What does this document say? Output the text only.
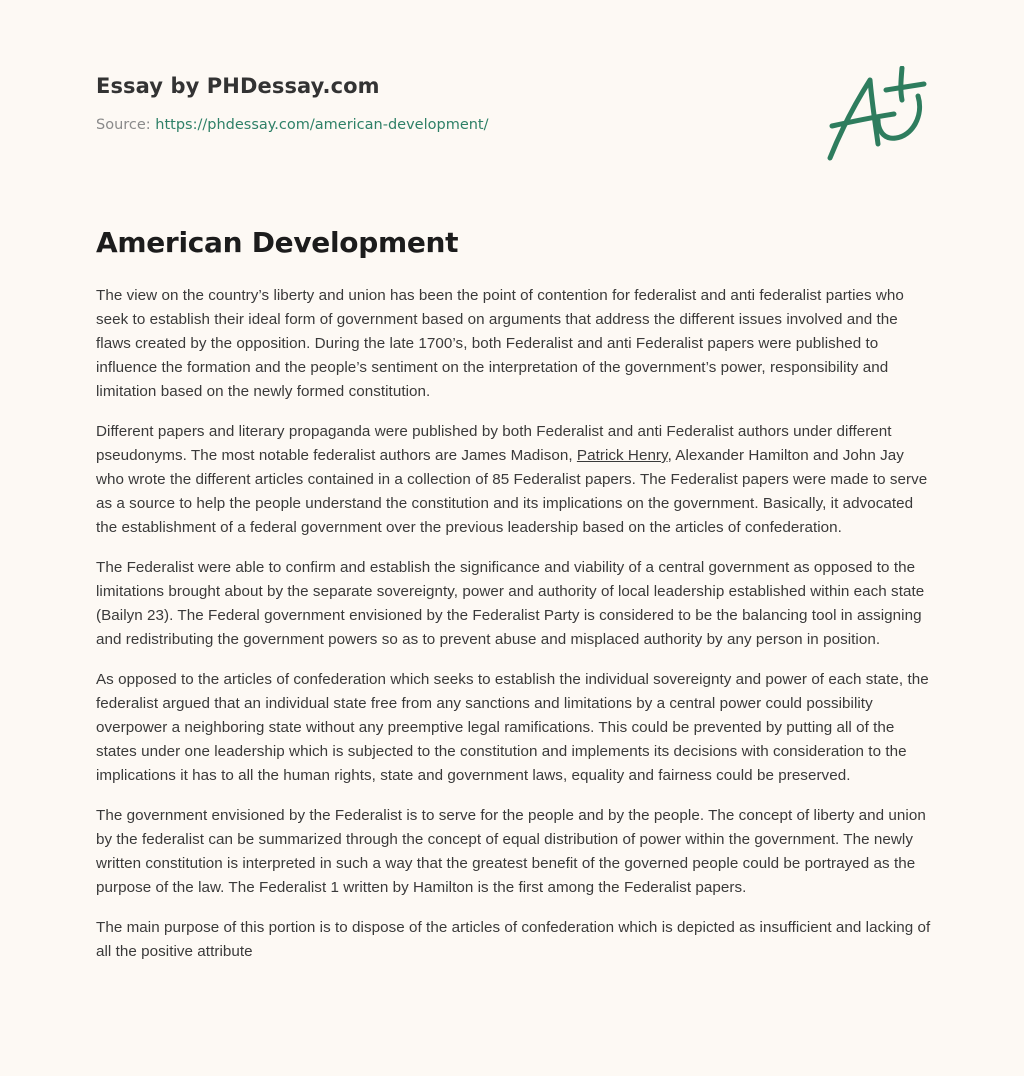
Essay by PHDessay.com
Source: https://phdessay.com/american-development/
American Development

The view on the country’s liberty and union has been the point of contention for federalist and anti federalist parties who seek to establish their ideal form of government based on arguments that address the different issues involved and the flaws created by the opposition. During the late 1700’s, both Federalist and anti Federalist papers were published to influence the formation and the people’s sentiment on the interpretation of the government’s power, responsibility and limitation based on the newly formed constitution.

Different papers and literary propaganda were published by both Federalist and anti Federalist authors under different pseudonyms. The most notable federalist authors are James Madison, Patrick Henry, Alexander Hamilton and John Jay who wrote the different articles contained in a collection of 85 Federalist papers. The Federalist papers were made to serve as a source to help the people understand the constitution and its implications on the government. Basically, it advocated the establishment of a federal government over the previous leadership based on the articles of confederation.

The Federalist were able to confirm and establish the significance and viability of a central government as opposed to the limitations brought about by the separate sovereignty, power and authority of local leadership established within each state (Bailyn 23). The Federal government envisioned by the Federalist Party is considered to be the balancing tool in assigning and redistributing the government powers so as to prevent abuse and misplaced authority by any person in position.

As opposed to the articles of confederation which seeks to establish the individual sovereignty and power of each state, the federalist argued that an individual state free from any sanctions and limitations by a central power could possibility overpower a neighboring state without any preemptive legal ramifications. This could be prevented by putting all of the states under one leadership which is subjected to the constitution and implements its decisions with consideration to the implications it has to all the human rights, state and government laws, equality and fairness could be preserved.

The government envisioned by the Federalist is to serve for the people and by the people. The concept of liberty and union by the federalist can be summarized through the concept of equal distribution of power within the government. The newly written constitution is interpreted in such a way that the greatest benefit of the governed people could be portrayed as the purpose of the law. The Federalist 1 written by Hamilton is the first among the Federalist papers.

The main purpose of this portion is to dispose of the articles of confederation which is depicted as insufficient and lacking of all the positive attribute
